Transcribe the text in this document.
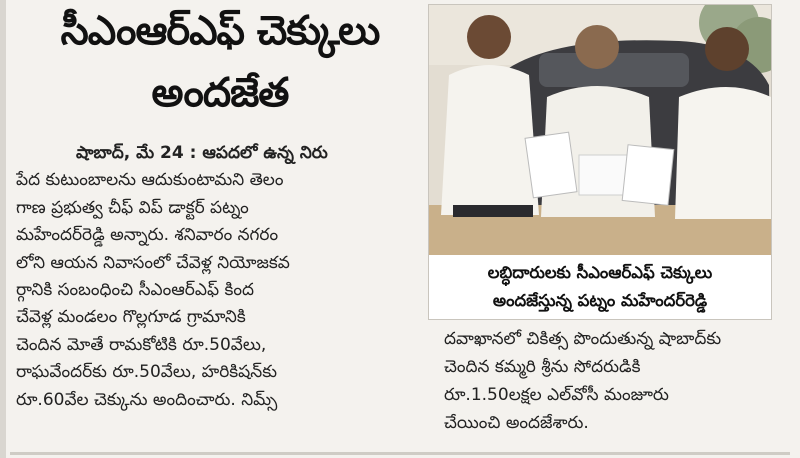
సీఎంఆర్ఎఫ్ చెక్కులు
అందజేత
షాబాద్, మే 24 : ఆపదలో ఉన్న నిరు
పేద కుటుంబాలను ఆదుకుంటామని తెలం
గాణ ప్రభుత్వ చీఫ్ విప్ డాక్టర్ పట్నం
మహేందర్‌రెడ్డి అన్నారు. శనివారం నగరం
లోని ఆయన నివాసంలో చేవెళ్ల నియోజకవ
ర్గానికి సంబంధించి సీఎంఆర్ఎఫ్ కింద
చేవెళ్ల మండలం గొల్లగూడ గ్రామానికి
చెందిన మోతే రామకోటికి రూ.50వేలు,
రాఘవేందర్‌కు రూ.50వేలు, హరికిషన్‌కు
రూ.60వేల చెక్కును అందించారు. నిమ్స్
లబ్ధిదారులకు సీఎంఆర్ఎఫ్ చెక్కులు
అందజేస్తున్న పట్నం మహేందర్‌రెడ్డి
దవాఖానలో చికిత్స పొందుతున్న షాబాద్‌కు
చెందిన కమ్మరి శ్రీను సోదరుడికి
రూ.1.50లక్షల ఎల్‌వోసీ మంజూరు
చేయించి అందజేశారు.
